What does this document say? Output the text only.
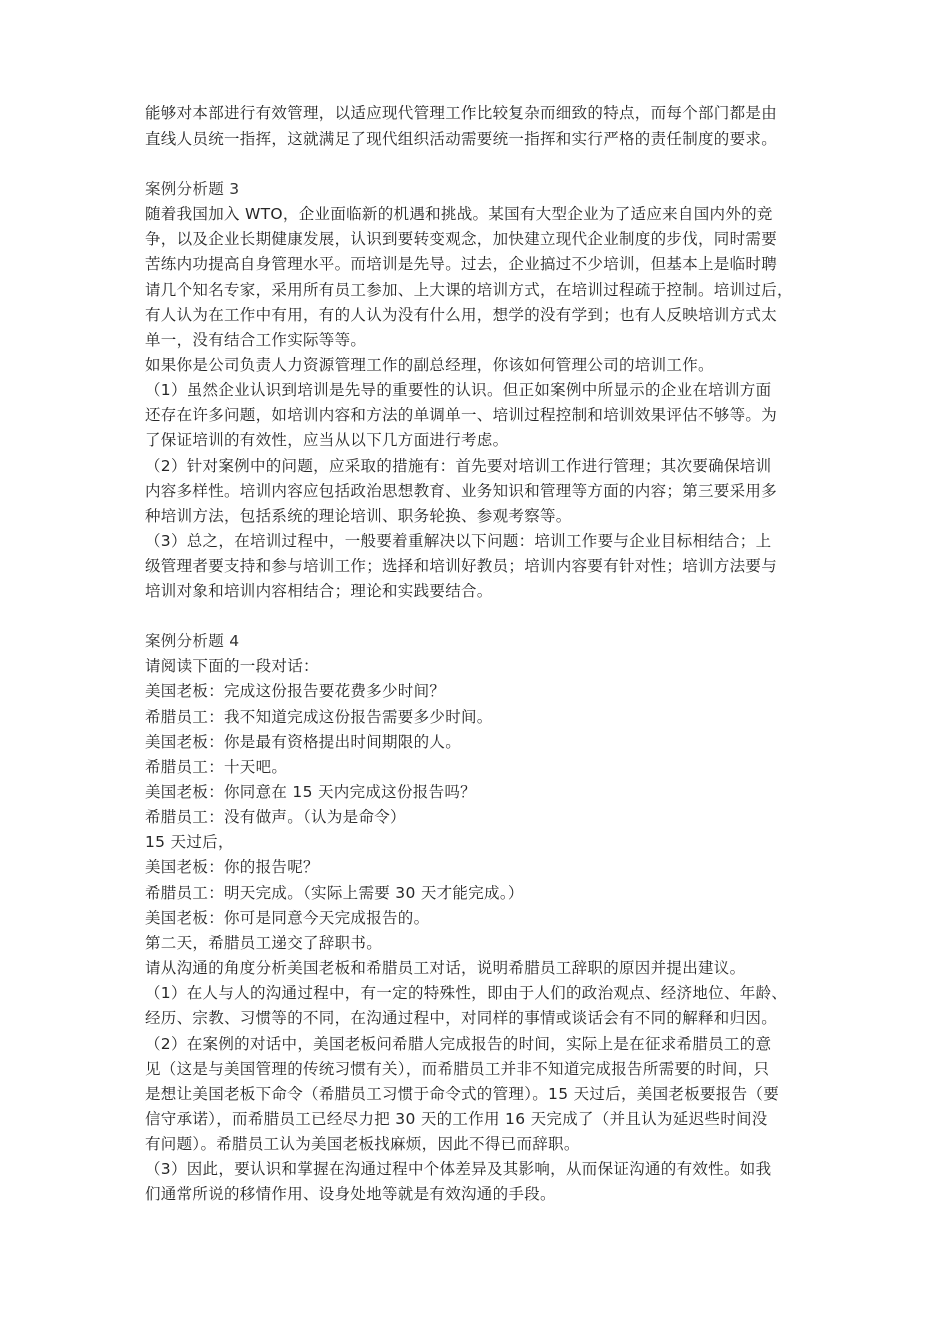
能够对本部进行有效管理，以适应现代管理工作比较复杂而细致的特点，而每个部门都是由
直线人员统一指挥，这就满足了现代组织活动需要统一指挥和实行严格的责任制度的要求。
案例分析题 3
随着我国加入 WTO，企业面临新的机遇和挑战。某国有大型企业为了适应来自国内外的竞
争，以及企业长期健康发展，认识到要转变观念，加快建立现代企业制度的步伐，同时需要
苦练内功提高自身管理水平。而培训是先导。过去，企业搞过不少培训，但基本上是临时聘
请几个知名专家，采用所有员工参加、上大课的培训方式，在培训过程疏于控制。培训过后，
有人认为在工作中有用，有的人认为没有什么用，想学的没有学到；也有人反映培训方式太
单一，没有结合工作实际等等。
如果你是公司负责人力资源管理工作的副总经理，你该如何管理公司的培训工作。
（1）虽然企业认识到培训是先导的重要性的认识。但正如案例中所显示的企业在培训方面
还存在许多问题，如培训内容和方法的单调单一、培训过程控制和培训效果评估不够等。为
了保证培训的有效性，应当从以下几方面进行考虑。
（2）针对案例中的问题，应采取的措施有：首先要对培训工作进行管理；其次要确保培训
内容多样性。培训内容应包括政治思想教育、业务知识和管理等方面的内容；第三要采用多
种培训方法，包括系统的理论培训、职务轮换、参观考察等。
（3）总之，在培训过程中，一般要着重解决以下问题：培训工作要与企业目标相结合；上
级管理者要支持和参与培训工作；选择和培训好教员；培训内容要有针对性；培训方法要与
培训对象和培训内容相结合；理论和实践要结合。
案例分析题 4
请阅读下面的一段对话：
美国老板：完成这份报告要花费多少时间？
希腊员工：我不知道完成这份报告需要多少时间。
美国老板：你是最有资格提出时间期限的人。
希腊员工：十天吧。
美国老板：你同意在 15 天内完成这份报告吗？
希腊员工：没有做声。（认为是命令）
15 天过后，
美国老板：你的报告呢？
希腊员工：明天完成。（实际上需要 30 天才能完成。）
美国老板：你可是同意今天完成报告的。
第二天，希腊员工递交了辞职书。
请从沟通的角度分析美国老板和希腊员工对话，说明希腊员工辞职的原因并提出建议。
（1）在人与人的沟通过程中，有一定的特殊性，即由于人们的政治观点、经济地位、年龄、
经历、宗教、习惯等的不同，在沟通过程中，对同样的事情或谈话会有不同的解释和归因。
（2）在案例的对话中，美国老板问希腊人完成报告的时间，实际上是在征求希腊员工的意
见（这是与美国管理的传统习惯有关），而希腊员工并非不知道完成报告所需要的时间，只
是想让美国老板下命令（希腊员工习惯于命令式的管理）。15 天过后，美国老板要报告（要
信守承诺），而希腊员工已经尽力把 30 天的工作用 16 天完成了（并且认为延迟些时间没
有问题）。希腊员工认为美国老板找麻烦，因此不得已而辞职。
（3）因此，要认识和掌握在沟通过程中个体差异及其影响，从而保证沟通的有效性。如我
们通常所说的移情作用、设身处地等就是有效沟通的手段。
